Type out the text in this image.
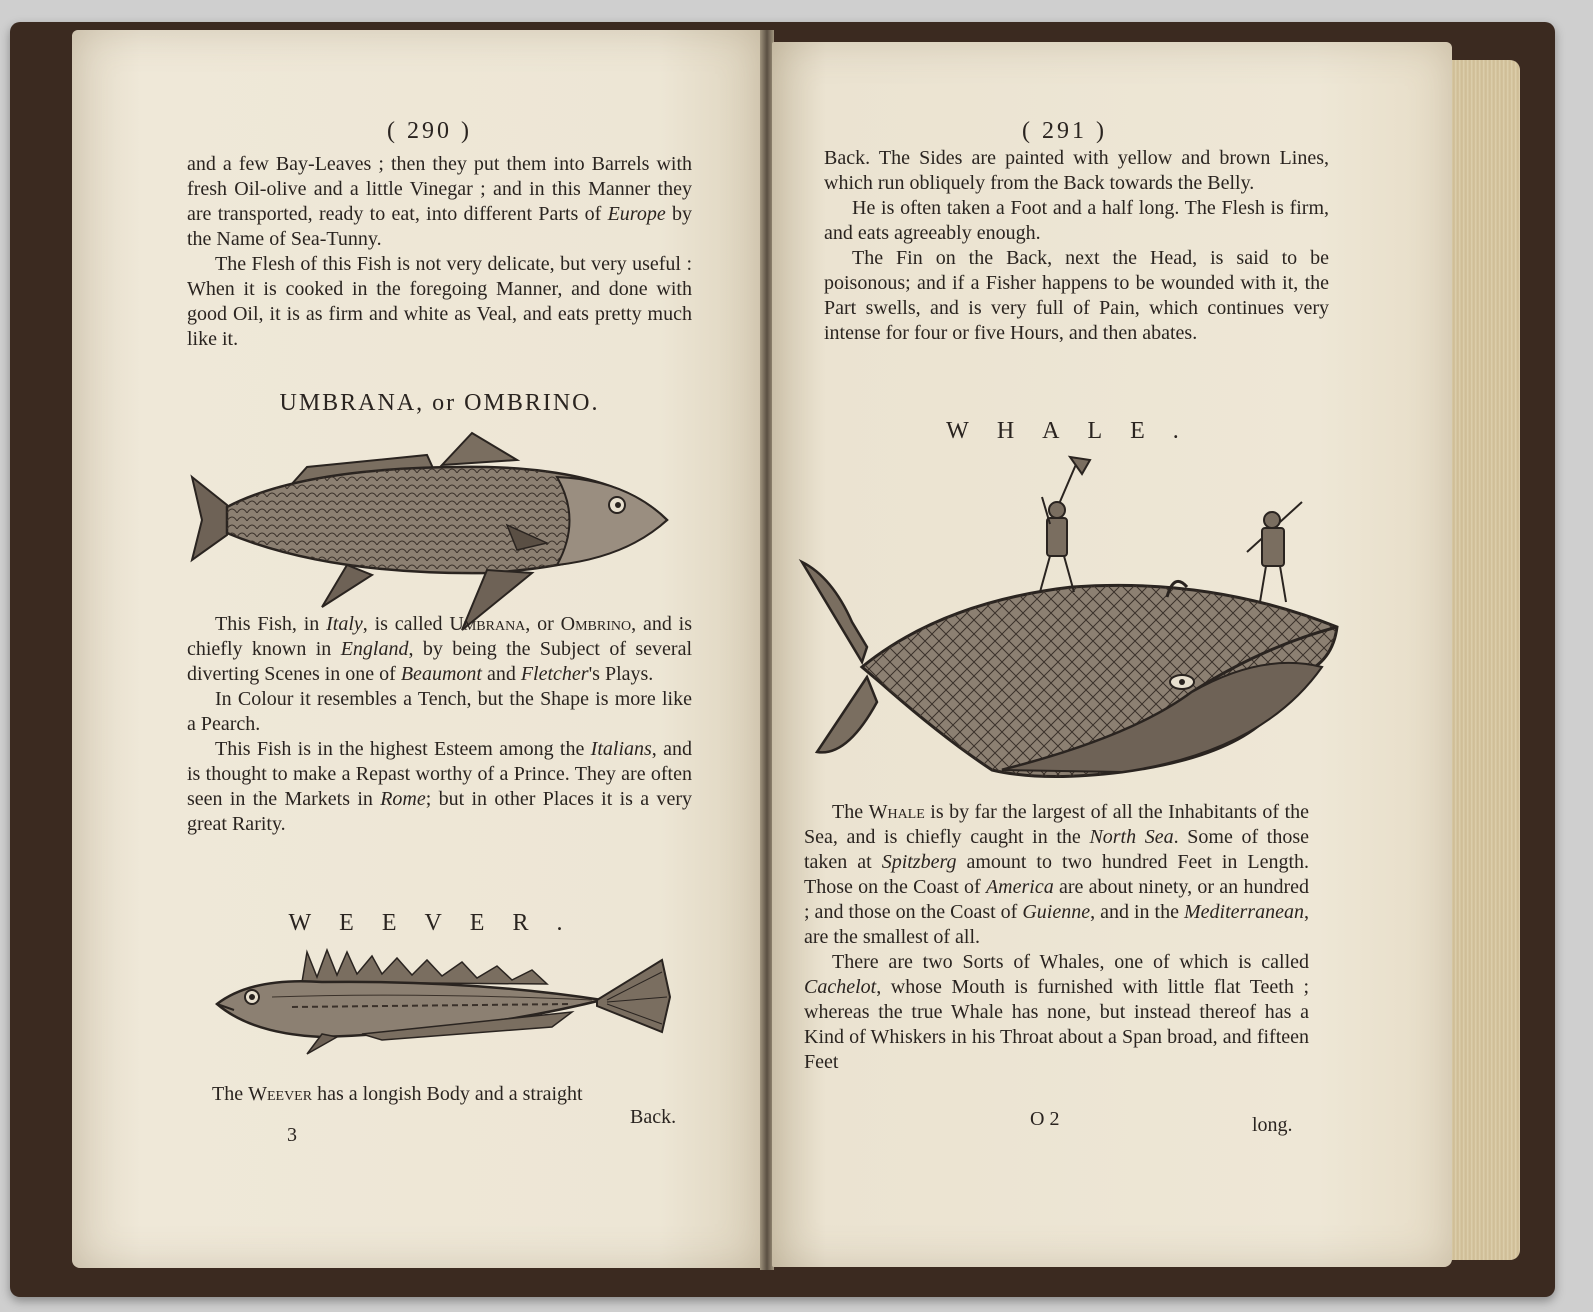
( 290 )

and a few Bay-Leaves ; then they put them into Barrels with fresh Oil-olive and a little Vinegar ; and in this Manner they are transported, ready to eat, into different Parts of Europe by the Name of Sea-Tunny.

The Flesh of this Fish is not very delicate, but very useful : When it is cooked in the foregoing Manner, and done with good Oil, it is as firm and white as Veal, and eats pretty much like it.

UMBRANA, or OMBRINO.

This Fish, in Italy, is called Umbrana, or Ombrino, and is chiefly known in England, by being the Subject of several diverting Scenes in one of Beaumont and Fletcher's Plays.

In Colour it resembles a Tench, but the Shape is more like a Pearch.

This Fish is in the highest Esteem among the Italians, and is thought to make a Repast worthy of a Prince. They are often seen in the Markets in Rome; but in other Places it is a very great Rarity.

WEEVER.

The Weever has a longish Body and a straight

Back.
3
( 291 )

Back. The Sides are painted with yellow and brown Lines, which run obliquely from the Back towards the Belly.

He is often taken a Foot and a half long. The Flesh is firm, and eats agreeably enough.

The Fin on the Back, next the Head, is said to be poisonous; and if a Fisher happens to be wounded with it, the Part swells, and is very full of Pain, which continues very intense for four or five Hours, and then abates.

WHALE.

The Whale is by far the largest of all the Inhabitants of the Sea, and is chiefly caught in the North Sea. Some of those taken at Spitzberg amount to two hundred Feet in Length. Those on the Coast of America are about ninety, or an hundred ; and those on the Coast of Guienne, and in the Mediterranean, are the smallest of all.

There are two Sorts of Whales, one of which is called Cachelot, whose Mouth is furnished with little flat Teeth ; whereas the true Whale has none, but instead thereof has a Kind of Whiskers in his Throat about a Span broad, and fifteen Feet

O 2	long.
